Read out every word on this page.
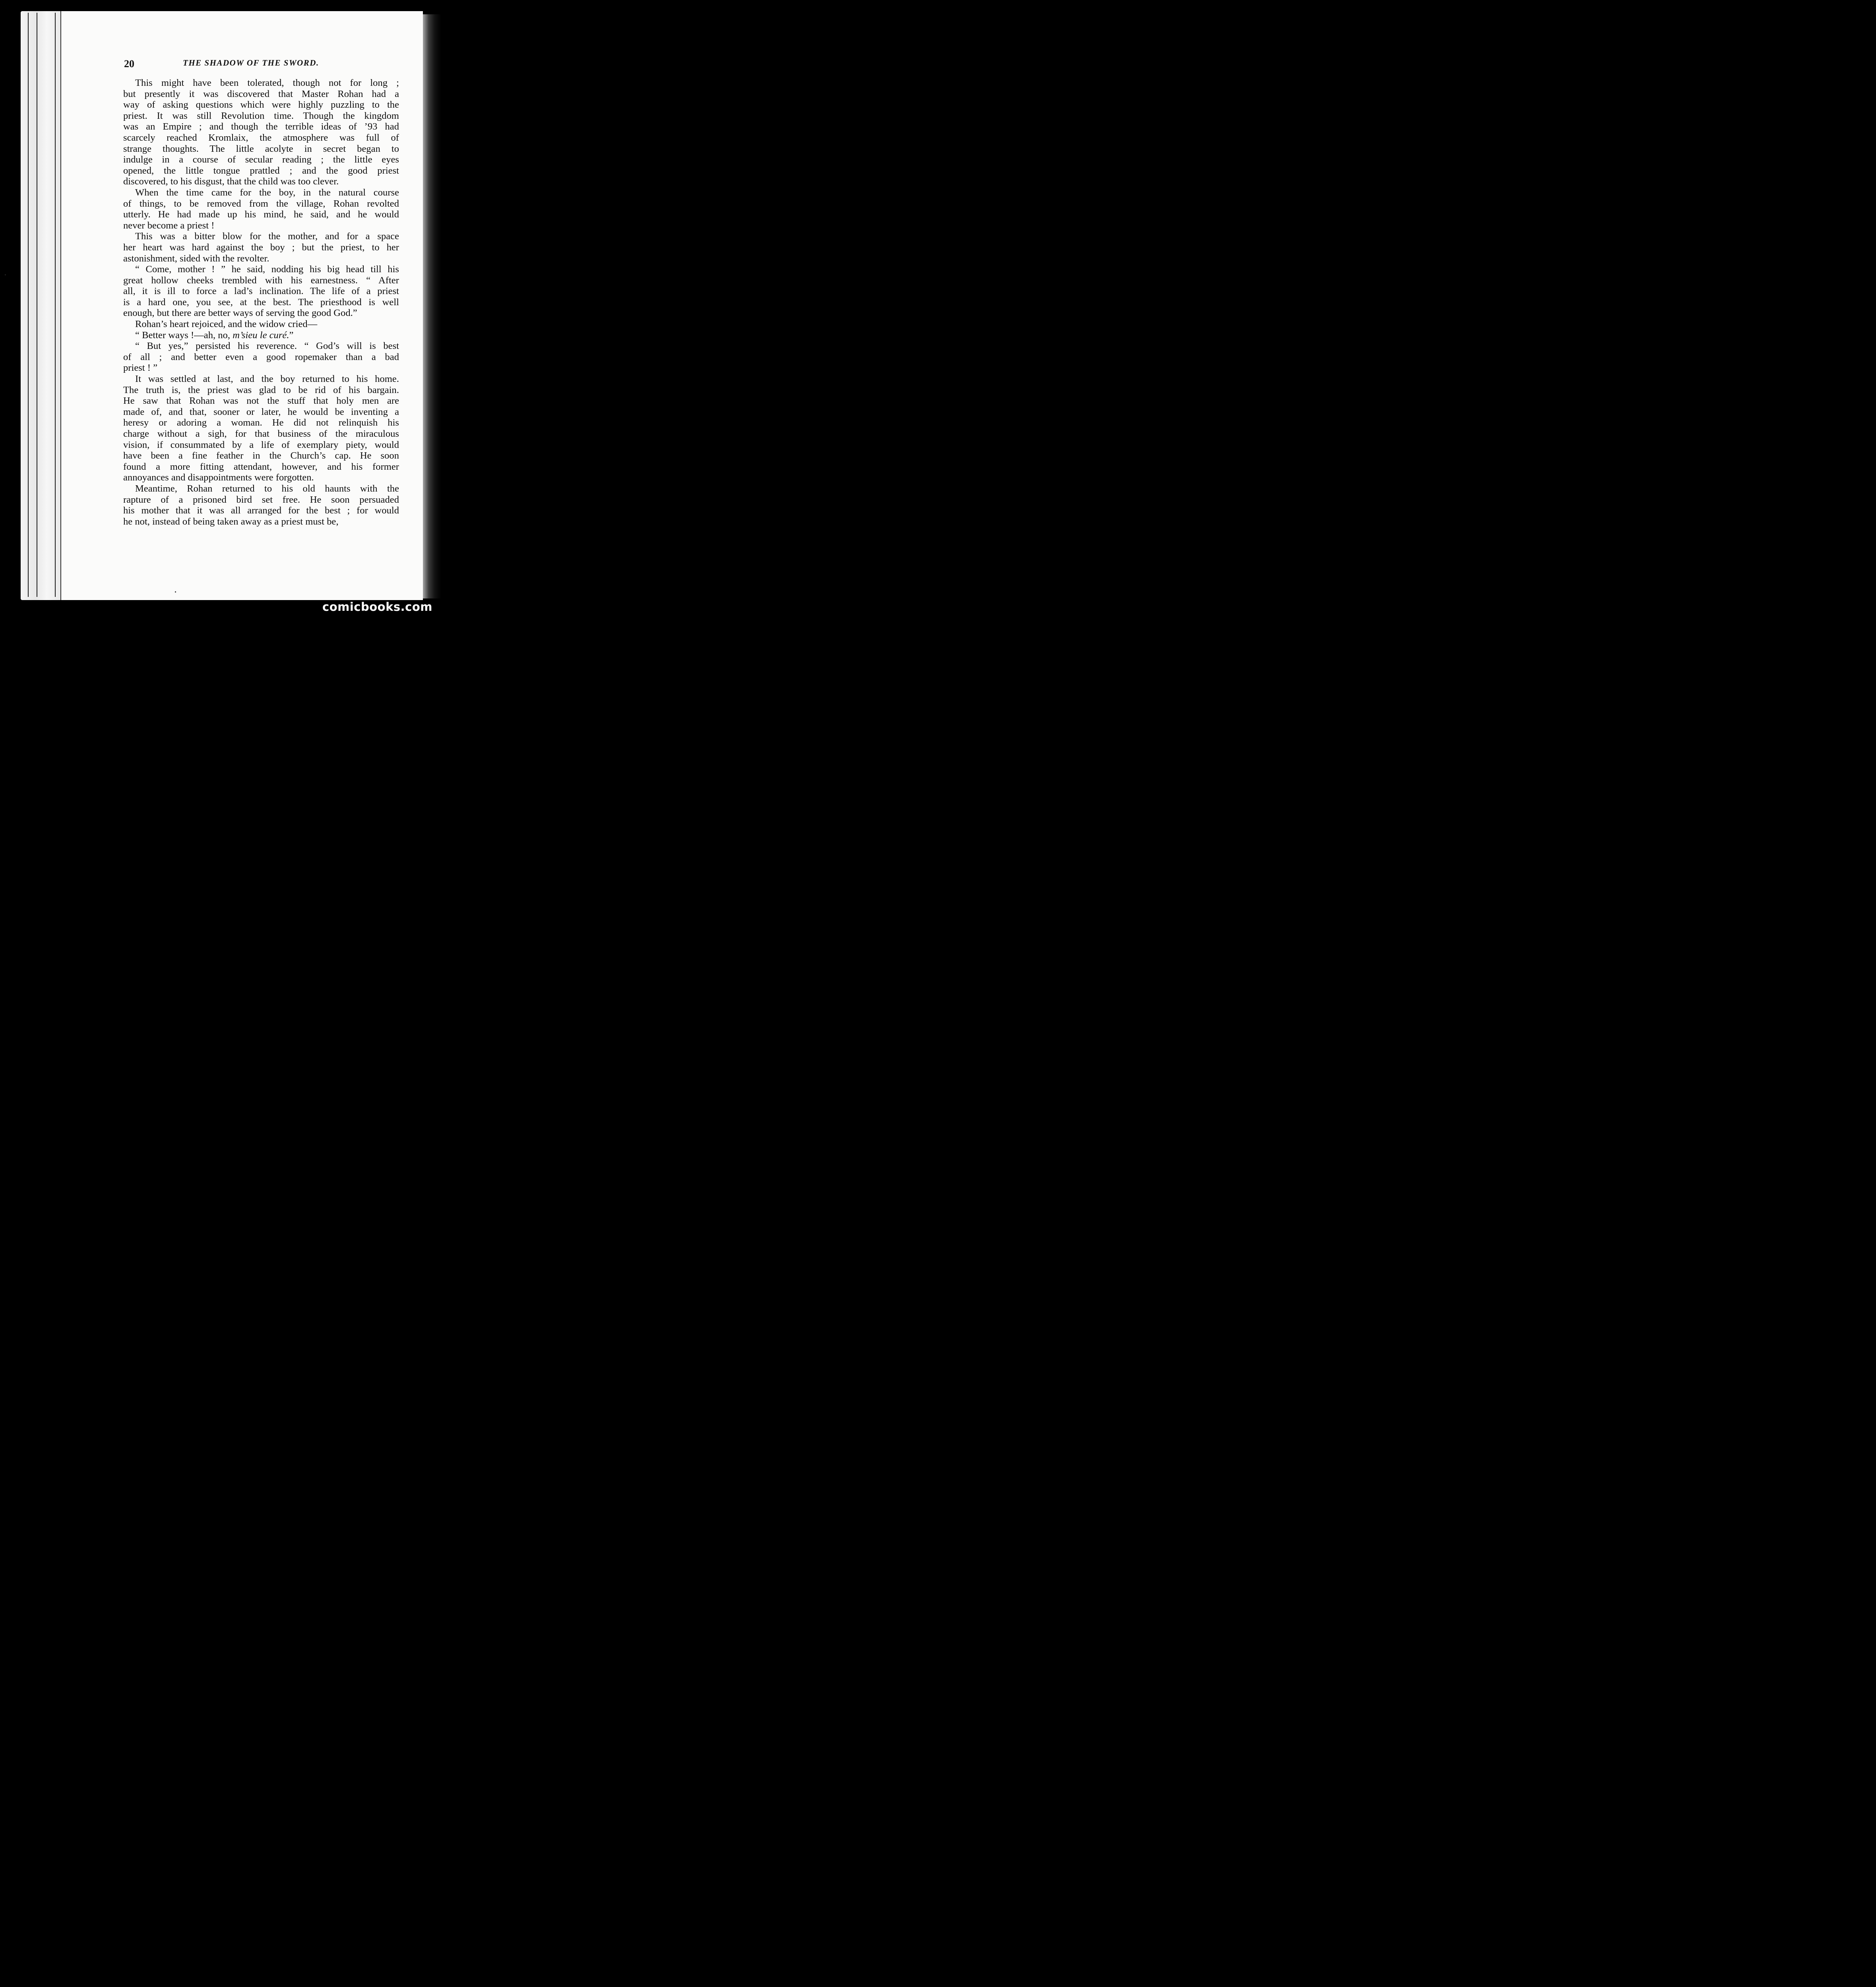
20	THE SHADOW OF THE SWORD.

This might have been tolerated, though not for long ;
but presently it was discovered that Master Rohan had a
way of asking questions which were highly puzzling to the
priest. It was still Revolution time. Though the kingdom
was an Empire ; and though the terrible ideas of ’93 had
scarcely reached Kromlaix, the atmosphere was full of
strange thoughts. The little acolyte in secret began to
indulge in a course of secular reading ; the little eyes
opened, the little tongue prattled ; and the good priest
discovered, to his disgust, that the child was too clever.

When the time came for the boy, in the natural course
of things, to be removed from the village, Rohan revolted
utterly. He had made up his mind, he said, and he would
never become a priest !

This was a bitter blow for the mother, and for a space
her heart was hard against the boy ; but the priest, to her
astonishment, sided with the revolter.

“ Come, mother ! ” he said, nodding his big head till his
great hollow cheeks trembled with his earnestness. “ After
all, it is ill to force a lad’s inclination. The life of a priest
is a hard one, you see, at the best. The priesthood is well
enough, but there are better ways of serving the good God.”

Rohan’s heart rejoiced, and the widow cried—

“ Better ways !—ah, no, m’sieu le curé.”

“ But yes,” persisted his reverence. “ God’s will is best
of all ; and better even a good ropemaker than a bad
priest ! ”

It was settled at last, and the boy returned to his home.
The truth is, the priest was glad to be rid of his bargain.
He saw that Rohan was not the stuff that holy men are
made of, and that, sooner or later, he would be inventing a
heresy or adoring a woman. He did not relinquish his
charge without a sigh, for that business of the miraculous
vision, if consummated by a life of exemplary piety, would
have been a fine feather in the Church’s cap. He soon
found a more fitting attendant, however, and his former
annoyances and disappointments were forgotten.

Meantime, Rohan returned to his old haunts with the
rapture of a prisoned bird set free. He soon persuaded
his mother that it was all arranged for the best ; for would
he not, instead of being taken away as a priest must be,

comicbooks.com
